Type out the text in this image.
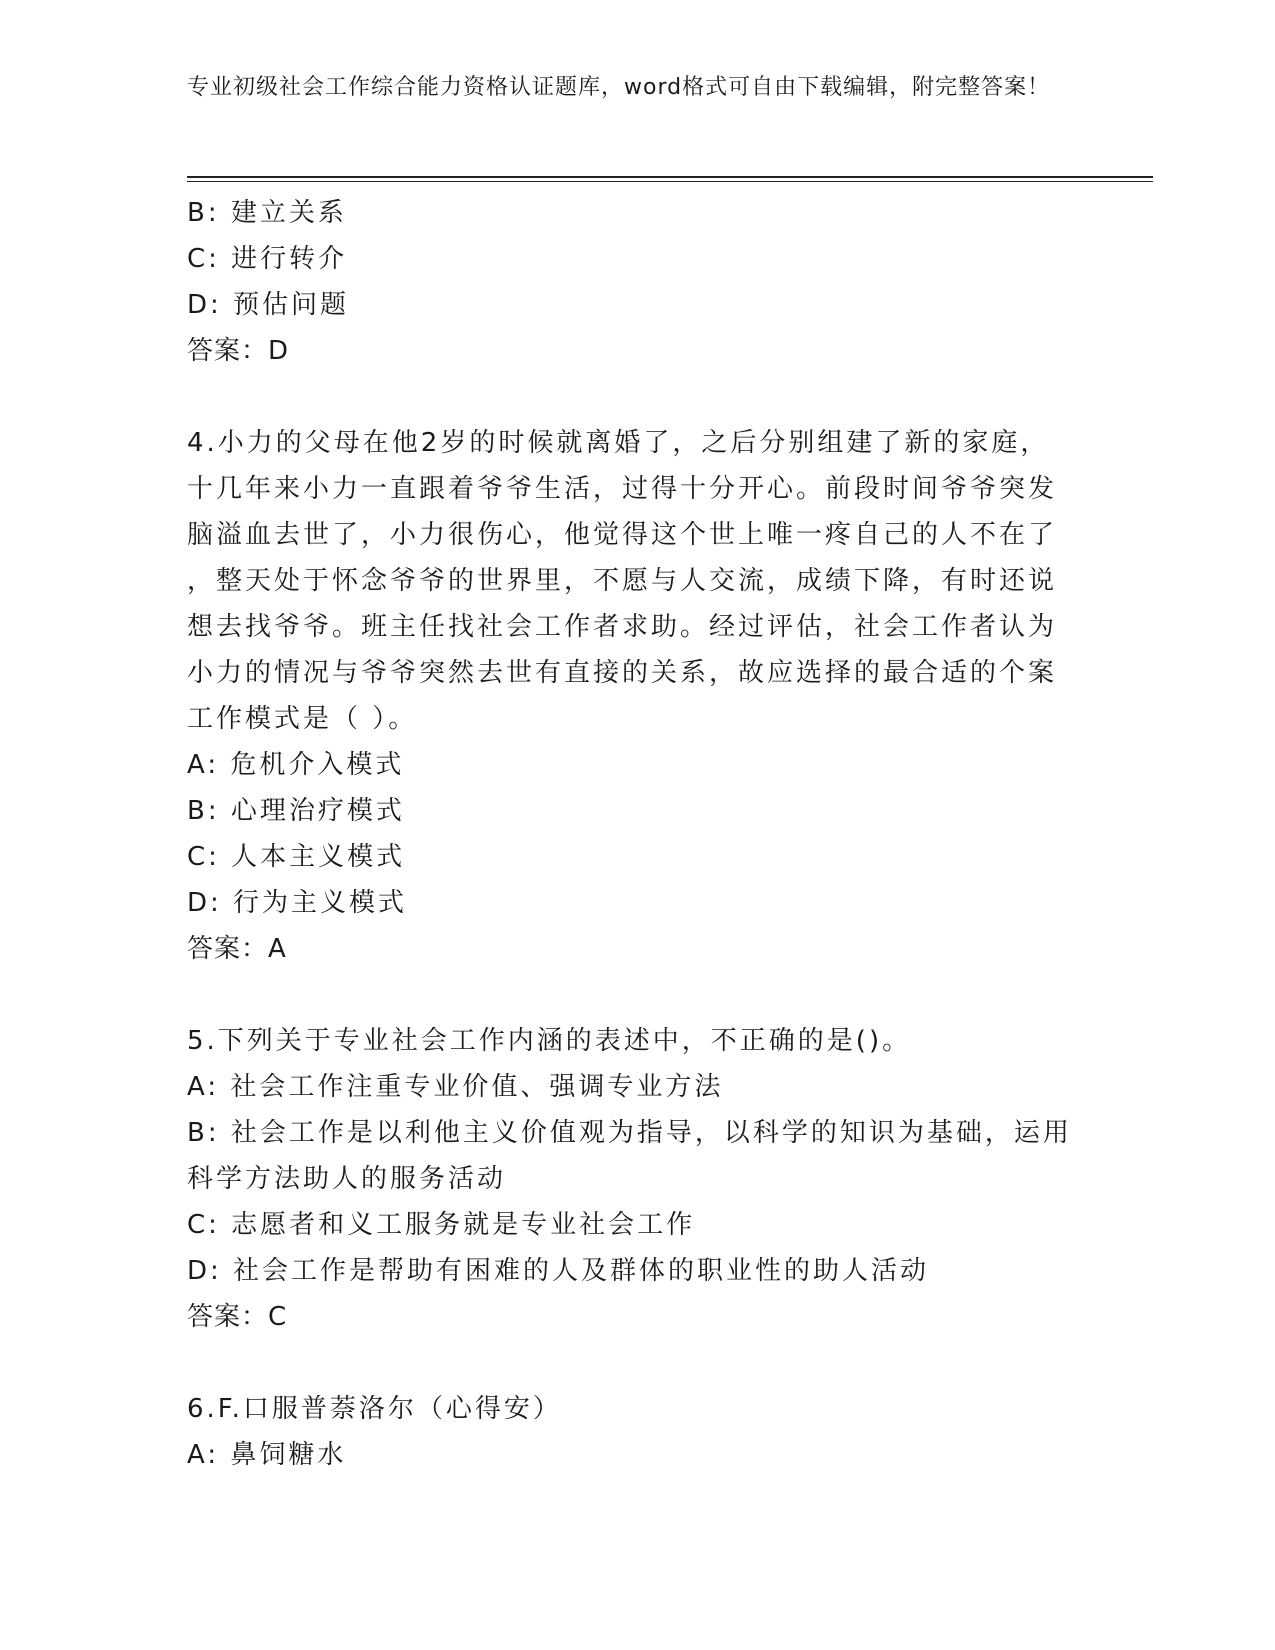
专业初级社会工作综合能力资格认证题库，word格式可自由下载编辑，附完整答案！
B: 建立关系
C: 进行转介
D: 预估问题
答案：D
4.小力的父母在他2岁的时候就离婚了，之后分别组建了新的家庭，
十几年来小力一直跟着爷爷生活，过得十分开心。前段时间爷爷突发
脑溢血去世了，小力很伤心，他觉得这个世上唯一疼自己的人不在了
，整天处于怀念爷爷的世界里，不愿与人交流，成绩下降，有时还说
想去找爷爷。班主任找社会工作者求助。经过评估，社会工作者认为
小力的情况与爷爷突然去世有直接的关系，故应选择的最合适的个案
工作模式是（ ）。
A: 危机介入模式
B: 心理治疗模式
C: 人本主义模式
D: 行为主义模式
答案：A
5.下列关于专业社会工作内涵的表述中，不正确的是()。
A: 社会工作注重专业价值、强调专业方法
B: 社会工作是以利他主义价值观为指导，以科学的知识为基础，运用
科学方法助人的服务活动
C: 志愿者和义工服务就是专业社会工作
D: 社会工作是帮助有困难的人及群体的职业性的助人活动
答案：C
6.F.口服普萘洛尔（心得安）
A: 鼻饲糖水
